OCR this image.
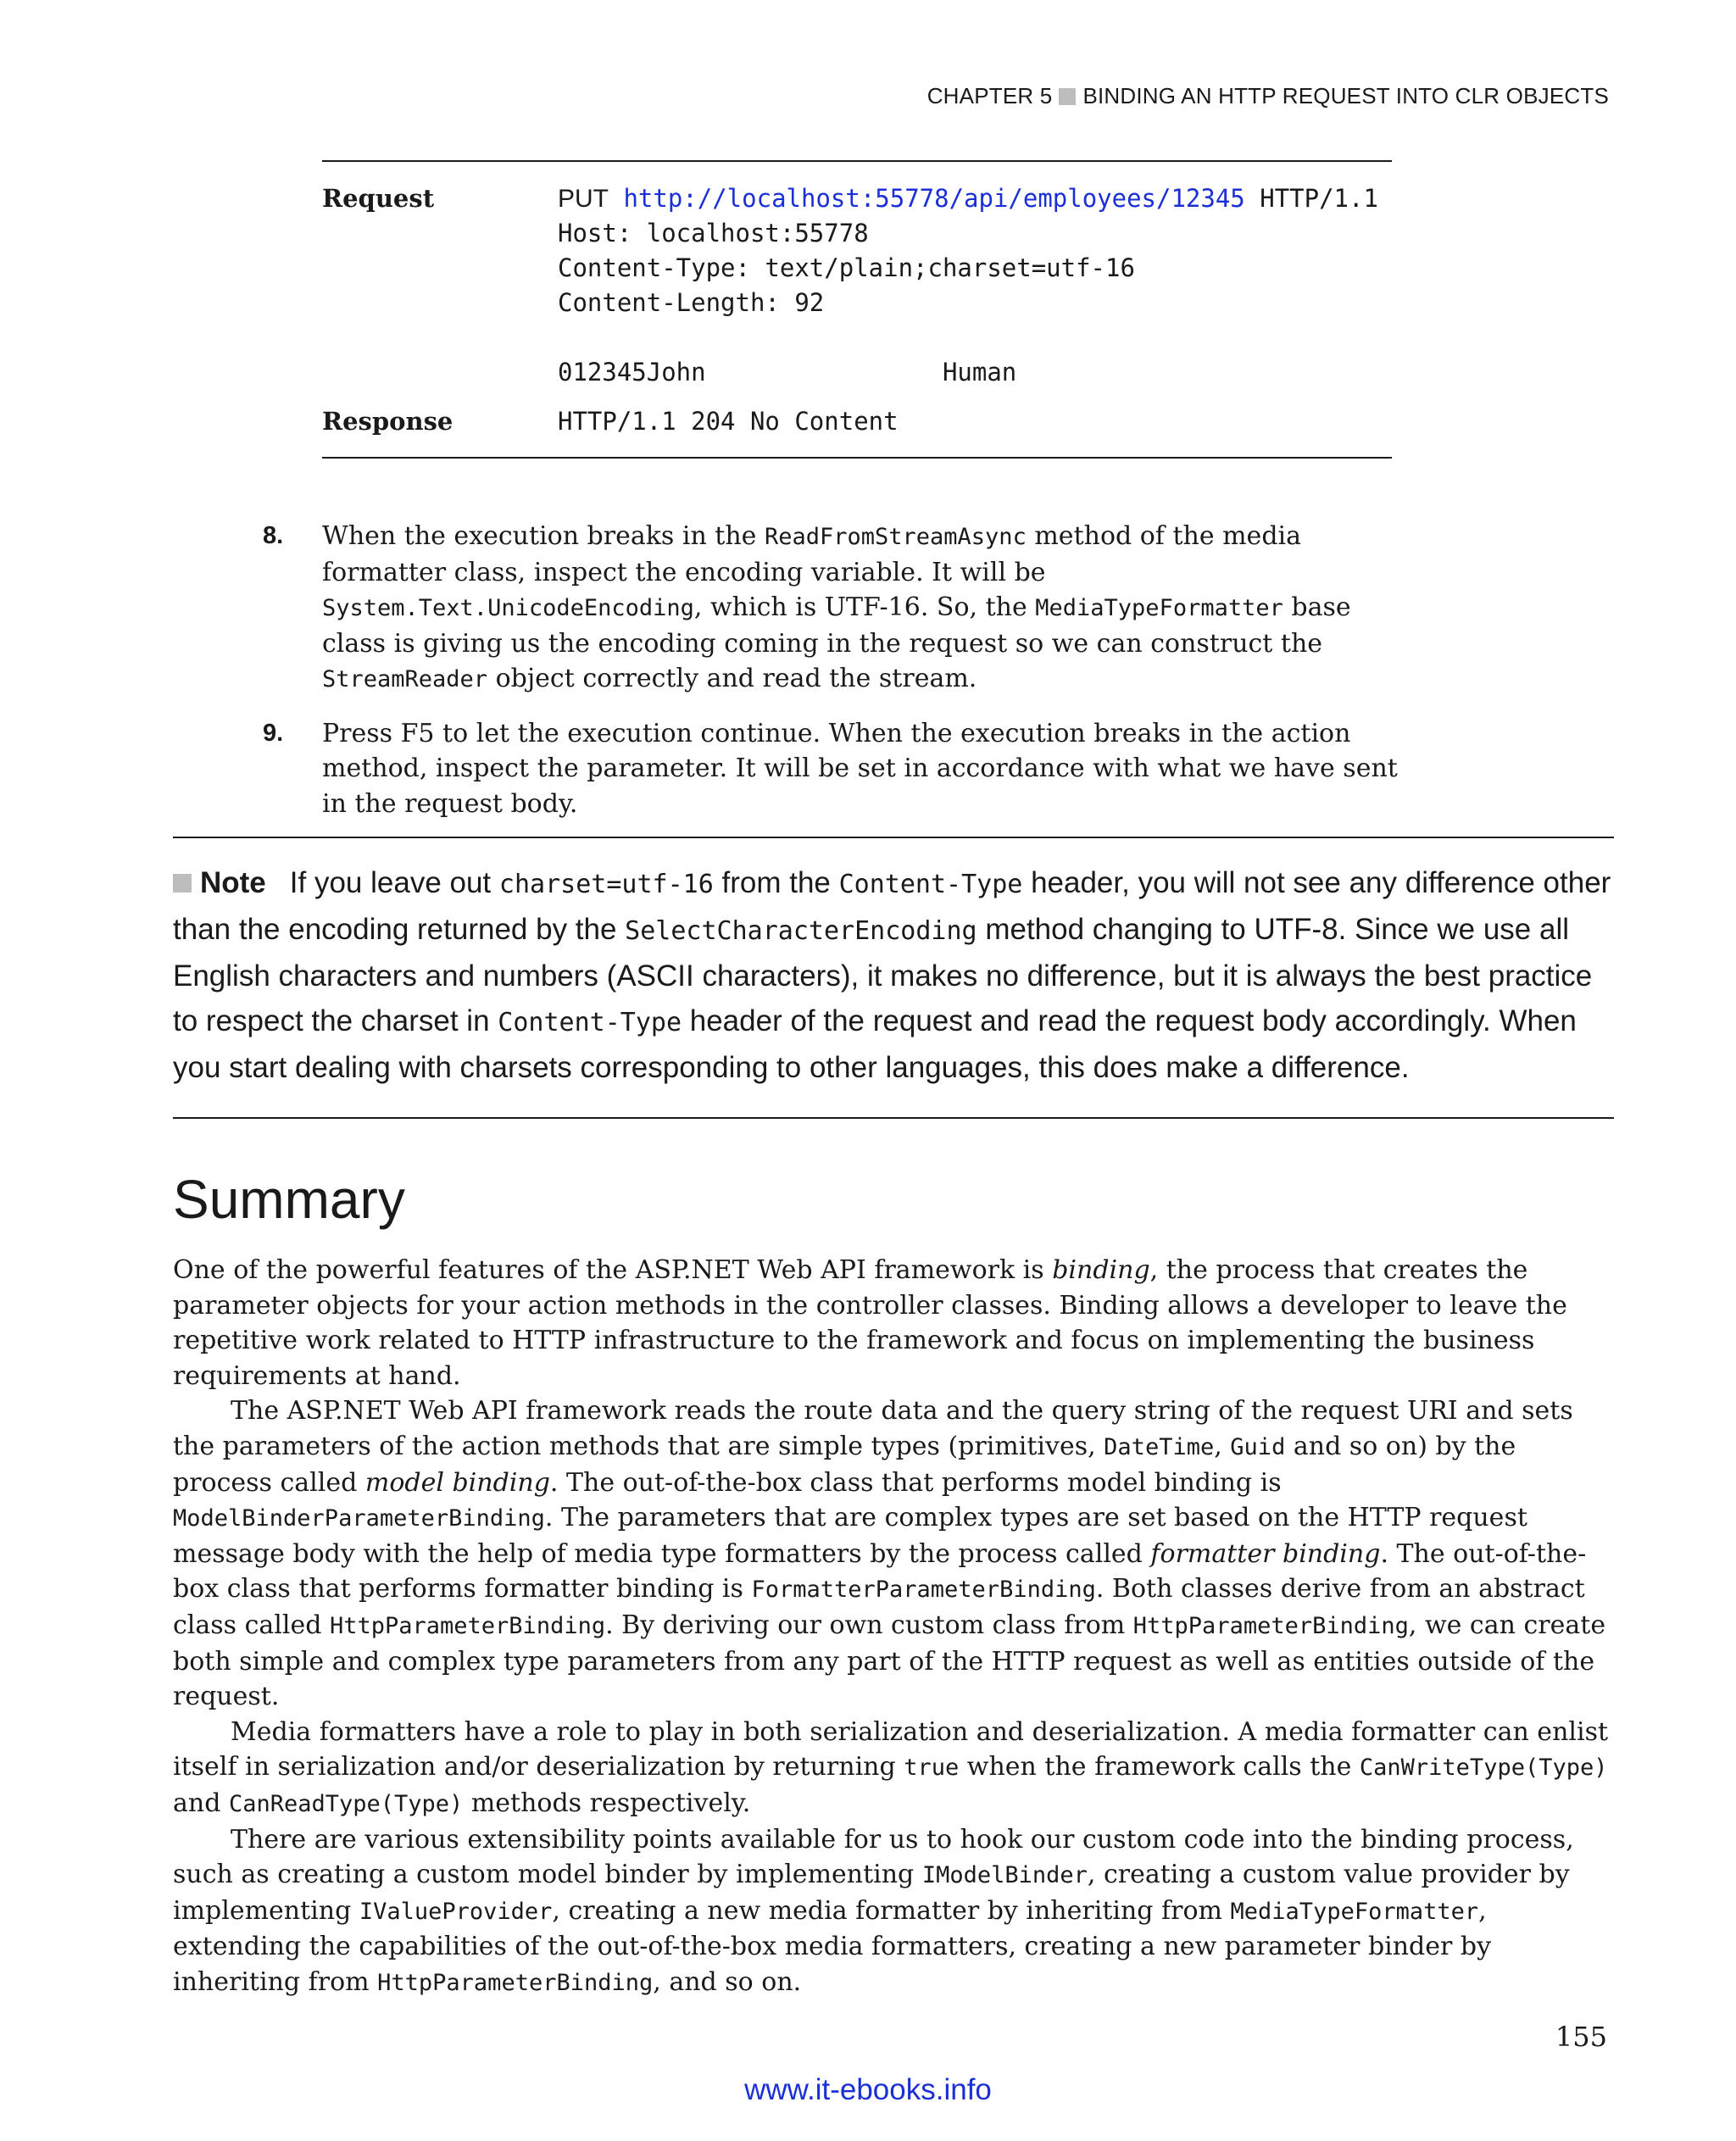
CHAPTER 5 BINDING AN HTTP REQUEST INTO CLR OBJECTS
Request	PUT http://localhost:55778/api/employees/12345 HTTP/1.1
Host: localhost:55778
Content-Type: text/plain;charset=utf-16
Content-Length: 92
012345John                Human
Response	HTTP/1.1 204 No Content
8. When the execution breaks in the ReadFromStreamAsync method of the media formatter class, inspect the encoding variable. It will be System.Text.UnicodeEncoding, which is UTF-16. So, the MediaTypeFormatter base class is giving us the encoding coming in the request so we can construct the StreamReader object correctly and read the stream.
9. Press F5 to let the execution continue. When the execution breaks in the action method, inspect the parameter. It will be set in accordance with what we have sent in the request body.
Note If you leave out charset=utf-16 from the Content-Type header, you will not see any difference other than the encoding returned by the SelectCharacterEncoding method changing to UTF-8. Since we use all English characters and numbers (ASCII characters), it makes no difference, but it is always the best practice to respect the charset in Content-Type header of the request and read the request body accordingly. When you start dealing with charsets corresponding to other languages, this does make a difference.
Summary

One of the powerful features of the ASP.NET Web API framework is binding, the process that creates the parameter objects for your action methods in the controller classes. Binding allows a developer to leave the repetitive work related to HTTP infrastructure to the framework and focus on implementing the business requirements at hand.

The ASP.NET Web API framework reads the route data and the query string of the request URI and sets the parameters of the action methods that are simple types (primitives, DateTime, Guid and so on) by the process called model binding. The out-of-the-box class that performs model binding is ModelBinderParameterBinding. The parameters that are complex types are set based on the HTTP request message body with the help of media type formatters by the process called formatter binding. The out-of-the-box class that performs formatter binding is FormatterParameterBinding. Both classes derive from an abstract class called HttpParameterBinding. By deriving our own custom class from HttpParameterBinding, we can create both simple and complex type parameters from any part of the HTTP request as well as entities outside of the request.

Media formatters have a role to play in both serialization and deserialization. A media formatter can enlist itself in serialization and/or deserialization by returning true when the framework calls the CanWriteType(Type) and CanReadType(Type) methods respectively.

There are various extensibility points available for us to hook our custom code into the binding process, such as creating a custom model binder by implementing IModelBinder, creating a custom value provider by implementing IValueProvider, creating a new media formatter by inheriting from MediaTypeFormatter, extending the capabilities of the out-of-the-box media formatters, creating a new parameter binder by inheriting from HttpParameterBinding, and so on.

155
www.it-ebooks.info
